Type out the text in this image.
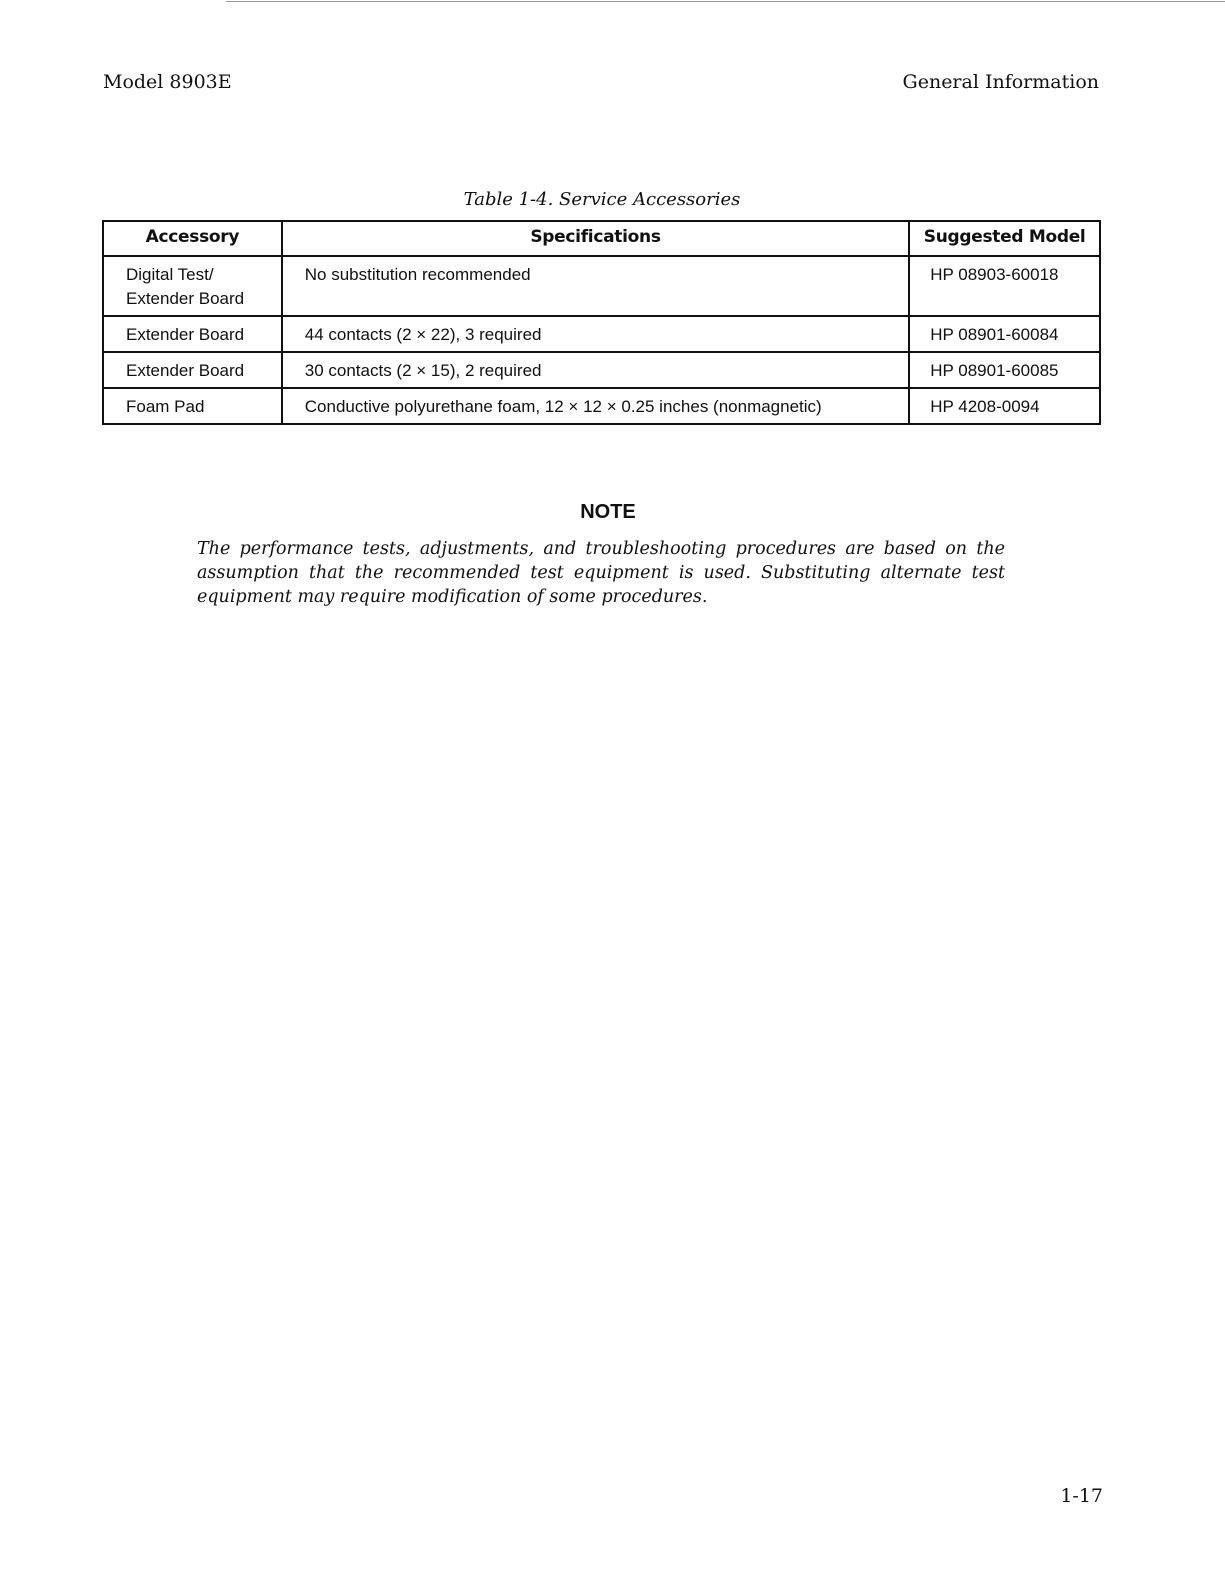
Model 8903E	General Information
Table 1-4. Service Accessories
Accessory	Specifications	Suggested Model

Digital Test/
Extender Board	No substitution recommended	HP 08903-60018
Extender Board	44 contacts (2 × 22), 3 required	HP 08901-60084
Extender Board	30 contacts (2 × 15), 2 required	HP 08901-60085
Foam Pad	Conductive polyurethane foam, 12 × 12 × 0.25 inches (nonmagnetic)	HP 4208-0094
NOTE
The performance tests, adjustments, and troubleshooting procedures are based on the assumption that the recommended test equipment is used. Substituting alternate test equipment may require modification of some procedures.
1-17
